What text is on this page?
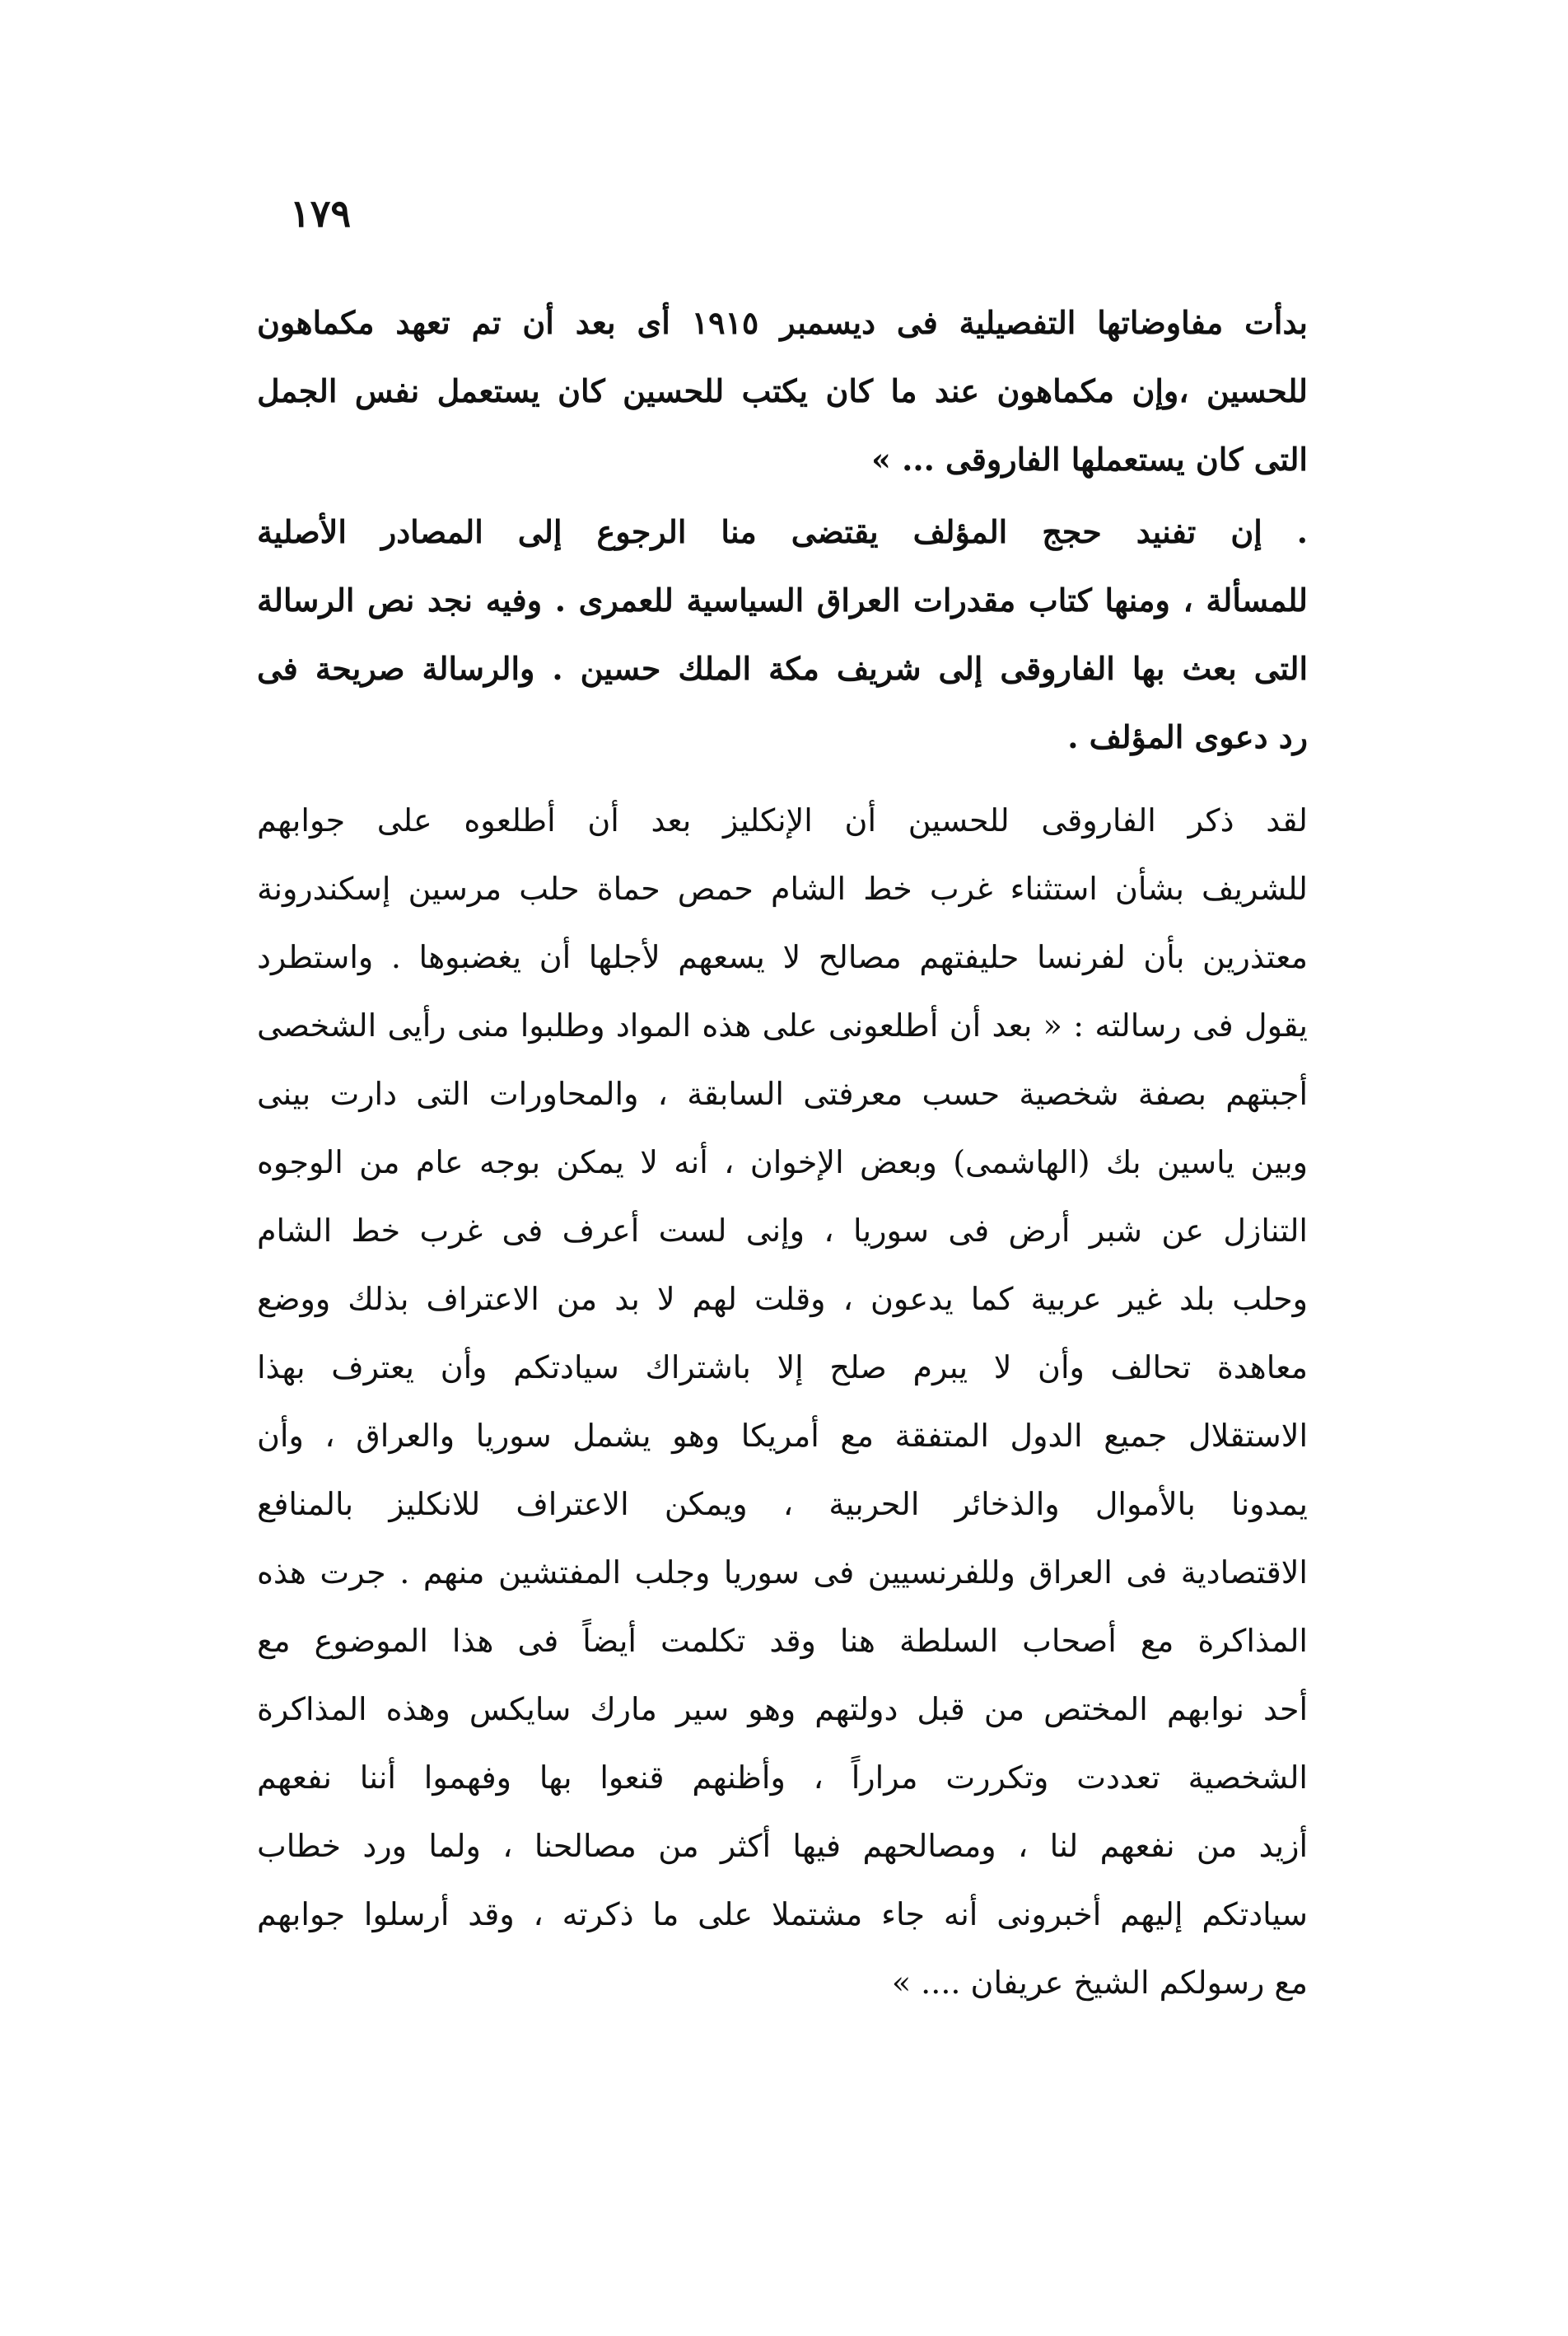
١٧٩
بدأت مفاوضاتها التفصيلية فى ديسمبر ١٩١٥ أى بعد أن تم تعهد مكماهون
للحسين ،وإن مكماهون عند ما كان يكتب للحسين كان يستعمل نفس الجمل
التى كان يستعملها الفاروقى ... »
. إن تفنيد حجج المؤلف يقتضى منا الرجوع إلى المصادر الأصلية
للمسألة ، ومنها كتاب مقدرات العراق السياسية للعمرى . وفيه نجد نص الرسالة
التى بعث بها الفاروقى إلى شريف مكة الملك حسين . والرسالة صريحة فى
رد دعوى المؤلف .
لقد ذكر الفاروقى للحسين أن الإنكليز بعد أن أطلعوه على جوابهم
للشريف بشأن استثناء غرب خط الشام حمص حماة حلب مرسين إسكندرونة
معتذرين بأن لفرنسا حليفتهم مصالح لا يسعهم لأجلها أن يغضبوها . واستطرد
يقول فى رسالته : « بعد أن أطلعونى على هذه المواد وطلبوا منى رأيى الشخصى
أجبتهم بصفة شخصية حسب معرفتى السابقة ، والمحاورات التى دارت بينى
وبين ياسين بك (الهاشمى) وبعض الإخوان ، أنه لا يمكن بوجه عام من الوجوه
التنازل عن شبر أرض فى سوريا ، وإنى لست أعرف فى غرب خط الشام
وحلب بلد غير عربية كما يدعون ، وقلت لهم لا بد من الاعتراف بذلك ووضع
معاهدة تحالف وأن لا يبرم صلح إلا باشتراك سيادتكم وأن يعترف بهذا
الاستقلال جميع الدول المتفقة مع أمريكا وهو يشمل سوريا والعراق ، وأن
يمدونا بالأموال والذخائر الحربية ، ويمكن الاعتراف للانكليز بالمنافع
الاقتصادية فى العراق وللفرنسيين فى سوريا وجلب المفتشين منهم . جرت هذه
المذاكرة مع أصحاب السلطة هنا وقد تكلمت أيضاً فى هذا الموضوع مع
أحد نوابهم المختص من قبل دولتهم وهو سير مارك سايكس وهذه المذاكرة
الشخصية تعددت وتكررت مراراً ، وأظنهم قنعوا بها وفهموا أننا نفعهم
أزيد من نفعهم لنا ، ومصالحهم فيها أكثر من مصالحنا ، ولما ورد خطاب
سيادتكم إليهم أخبرونى أنه جاء مشتملا على ما ذكرته ، وقد أرسلوا جوابهم
مع رسولكم الشيخ عريفان .... »
